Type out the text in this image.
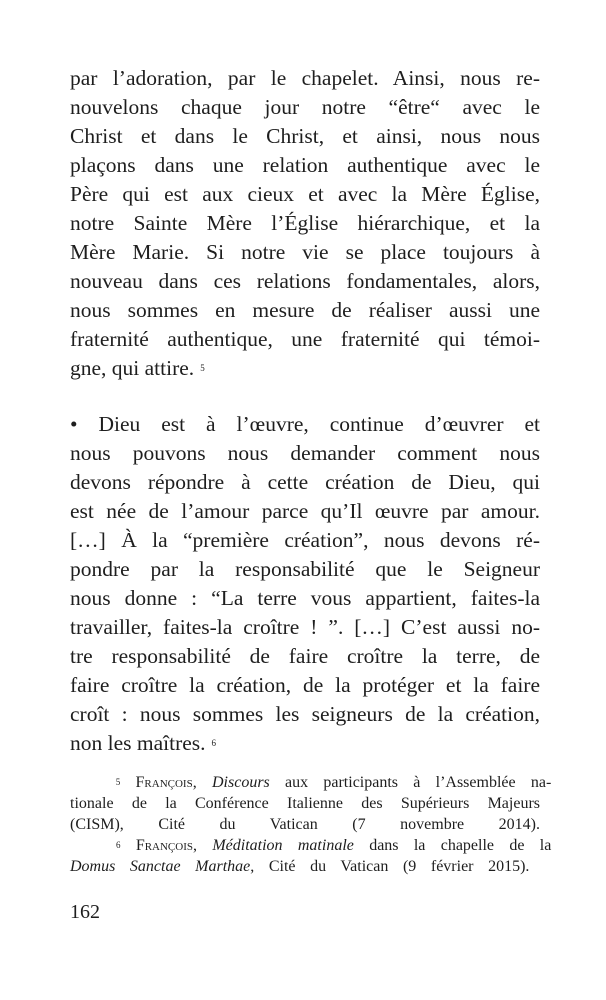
par l’adoration, par le chapelet. Ainsi, nous re-
nouvelons chaque jour notre “être“ avec le
Christ et dans le Christ, et ainsi, nous nous
plaçons dans une relation authentique avec le
Père qui est aux cieux et avec la Mère Église,
notre Sainte Mère l’Église hiérarchique, et la
Mère Marie. Si notre vie se place toujours à
nouveau dans ces relations fondamentales, alors,
nous sommes en mesure de réaliser aussi une
fraternité authentique, une fraternité qui témoi-
gne, qui attire. 5
• Dieu est à l’œuvre, continue d’œuvrer et
nous pouvons nous demander comment nous
devons répondre à cette création de Dieu, qui
est née de l’amour parce qu’Il œuvre par amour.
[…] À la “première création”, nous devons ré-
pondre par la responsabilité que le Seigneur
nous donne : “La terre vous appartient, faites-la
travailler, faites-la croître ! ”. […] C’est aussi no-
tre responsabilité de faire croître la terre, de
faire croître la création, de la protéger et la faire
croît : nous sommes les seigneurs de la création,
non les maîtres. 6

5 François,
Discours aux participants à l’Assemblée na-
tionale de la Conférence Italienne des Supérieurs Majeurs
(CISM), Cité du Vatican (7 novembre 2014).

6 François,
Méditation matinale dans la chapelle de la
Domus Sanctae Marthae , Cité du Vatican (9 février 2015).
162
